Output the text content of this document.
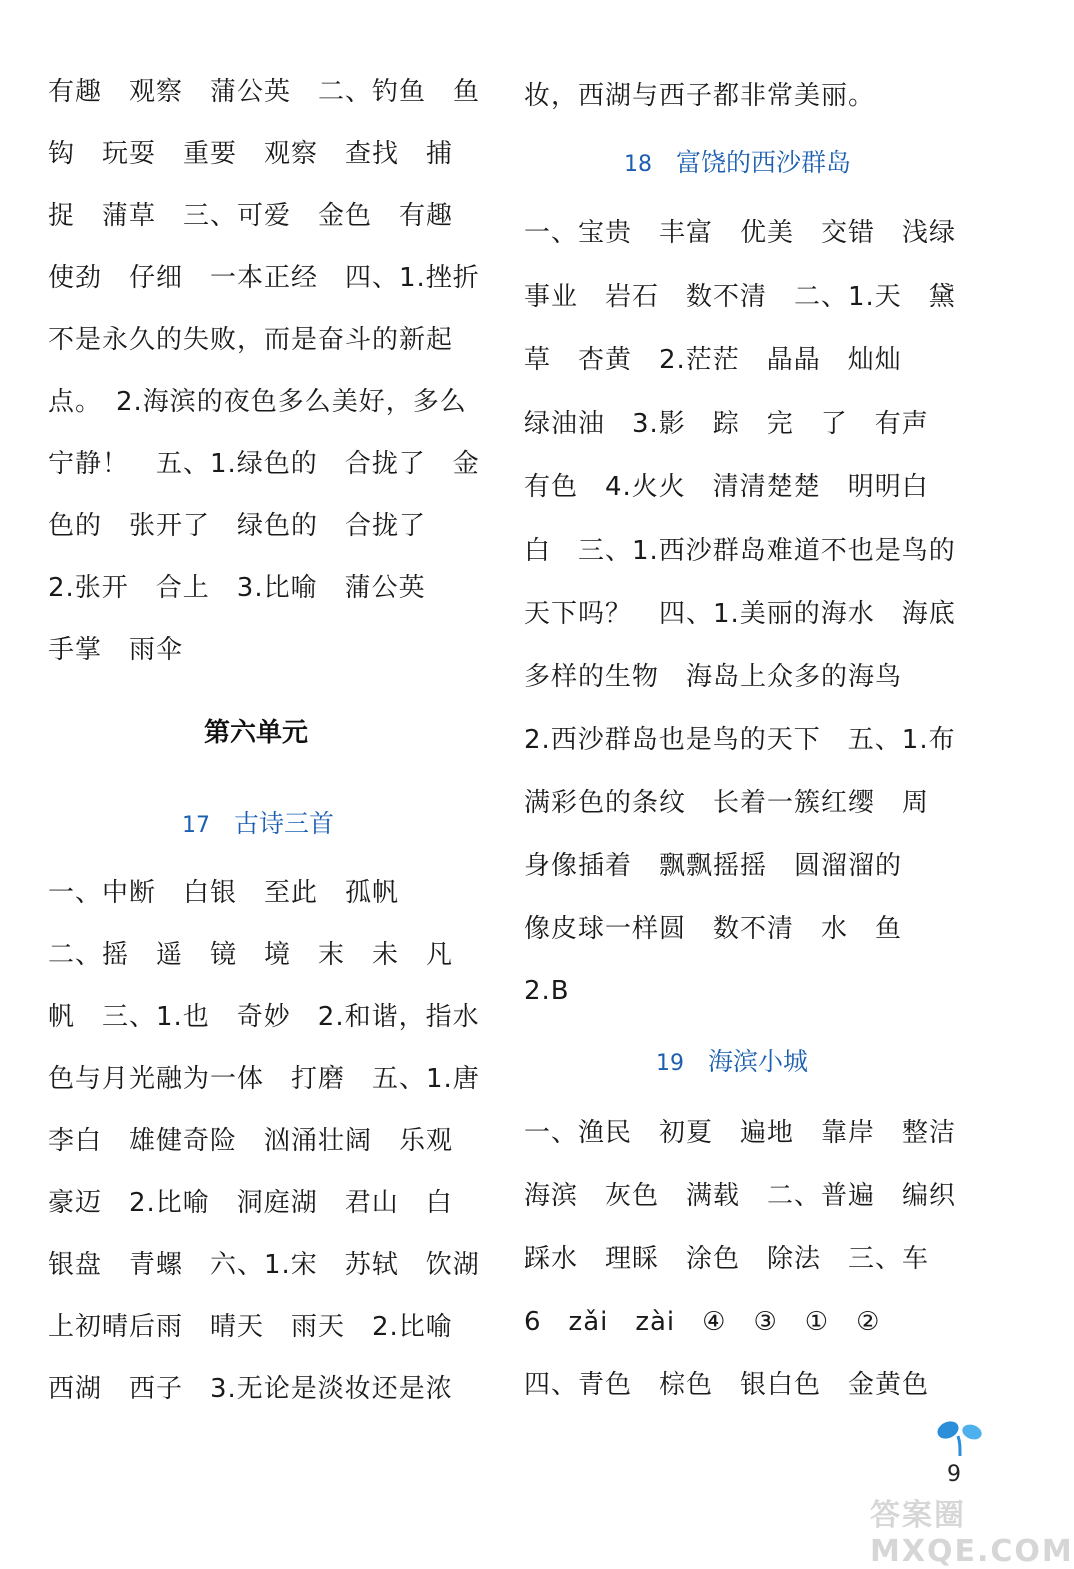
有趣　观察　蒲公英　二、钓鱼　鱼
钩　玩耍　重要　观察　查找　捕
捉　蒲草　三、可爱　金色　有趣
使劲　仔细　一本正经　四、1.挫折
不是永久的失败，而是奋斗的新起
点。　2.海滨的夜色多么美好，多么
宁静！　五、1.绿色的　合拢了　金
色的　张开了　绿色的　合拢了
2.张开　合上　3.比喻　蒲公英
手掌　雨伞
第六单元
17 古诗三首
一、中断　白银　至此　孤帆
二、摇　遥　镜　境　末　未　凡
帆　三、1.也　奇妙　2.和谐，指水
色与月光融为一体　打磨　五、1.唐
李白　雄健奇险　汹涌壮阔　乐观
豪迈　2.比喻　洞庭湖　君山　白
银盘　青螺　六、1.宋　苏轼　饮湖
上初晴后雨　晴天　雨天　2.比喻
西湖　西子　3.无论是淡妆还是浓
妆，西湖与西子都非常美丽。
18 富饶的西沙群岛
一、宝贵　丰富　优美　交错　浅绿
事业　岩石　数不清　二、1.天　黛
草　杏黄　2.茫茫　晶晶　灿灿
绿油油　3.影　踪　完　了　有声
有色　4.火火　清清楚楚　明明白
白　三、1.西沙群岛难道不也是鸟的
天下吗？　四、1.美丽的海水　海底
多样的生物　海岛上众多的海鸟
2.西沙群岛也是鸟的天下　五、1.布
满彩色的条纹　长着一簇红缨　周
身像插着　飘飘摇摇　圆溜溜的
像皮球一样圆　数不清　水　鱼
2.B
19 海滨小城
一、渔民　初夏　遍地　靠岸　整洁
海滨　灰色　满载　二、普遍　编织
踩水　理睬　涂色　除法　三、车
6　zǎi　zài　④　③　①　②
四、青色　棕色　银白色　金黄色
9
答案圈 MXQE.COM
